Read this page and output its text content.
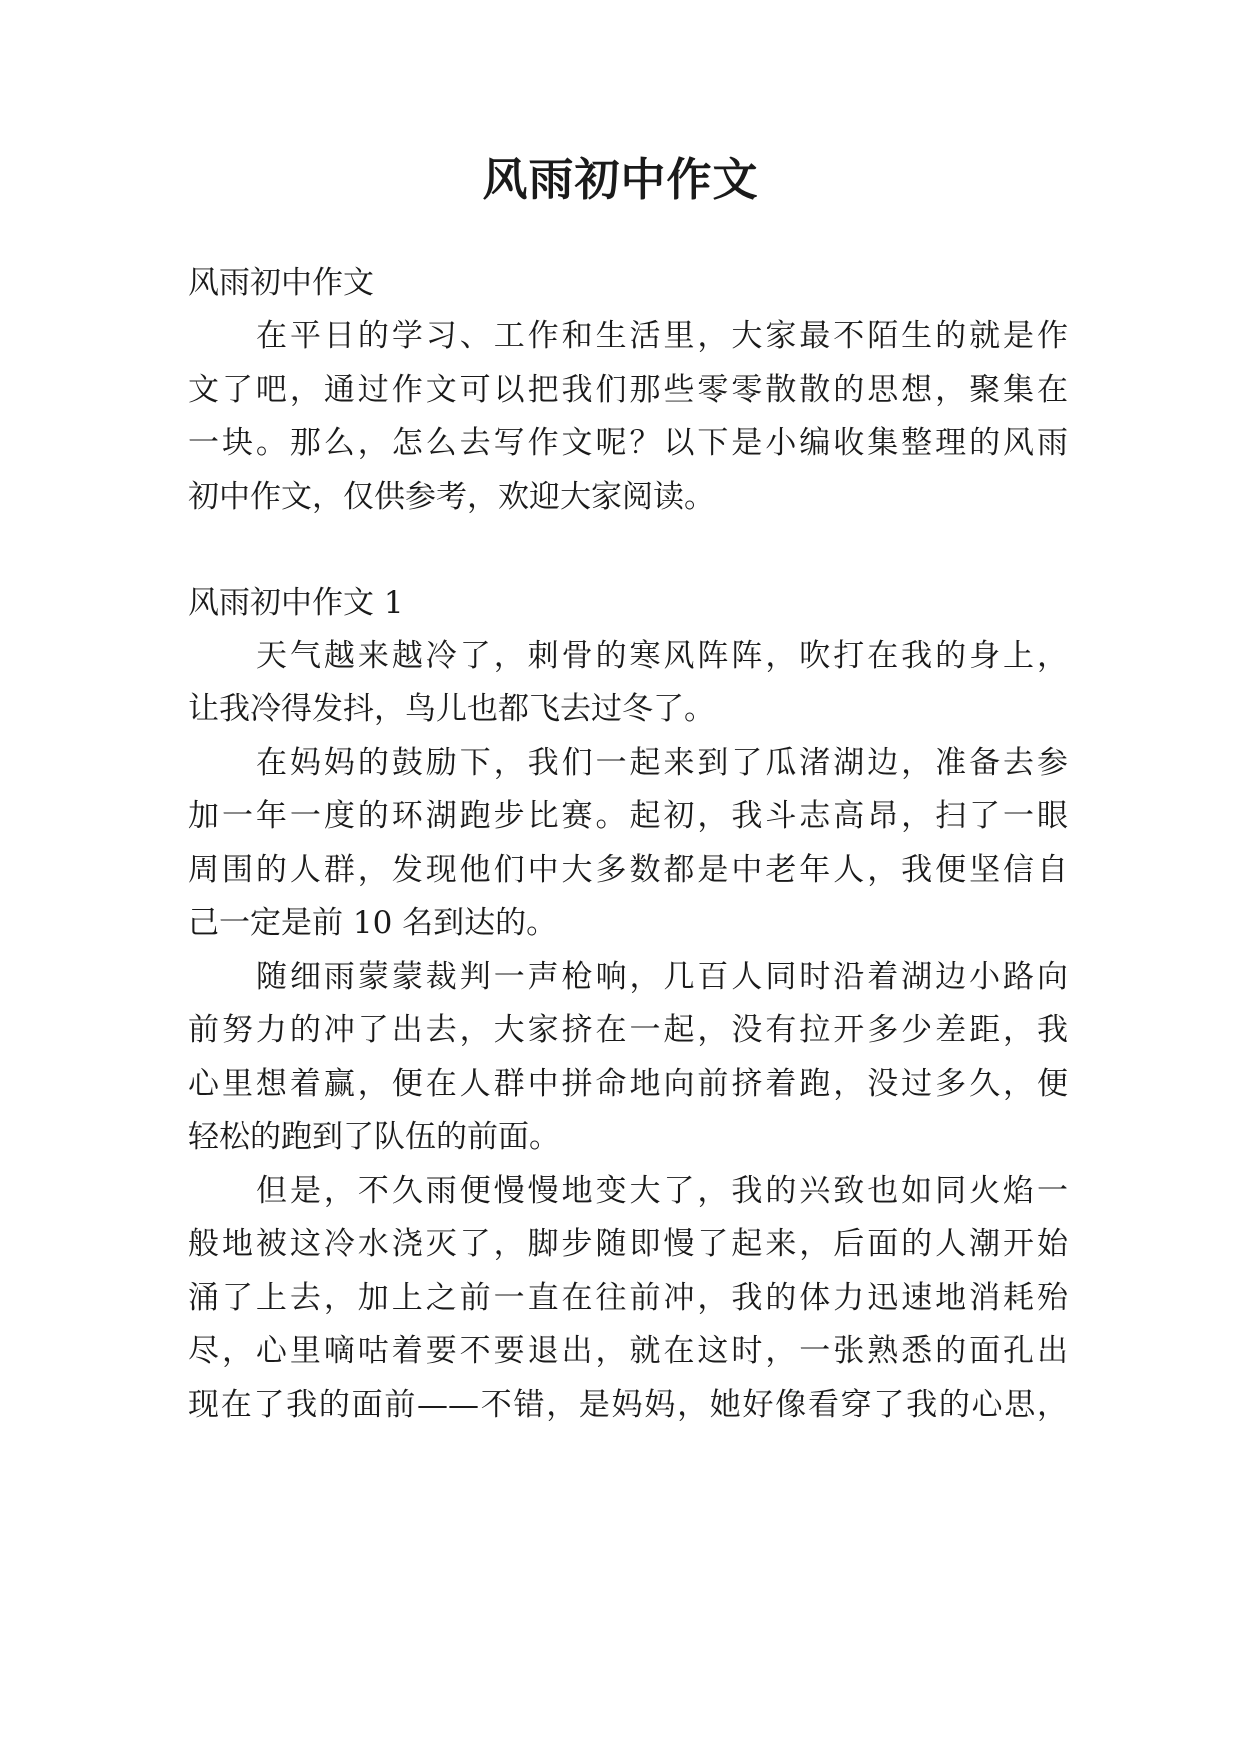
风雨初中作文
风雨初中作文
在平日的学习、工作和生活里，大家最不陌生的就是作
文了吧，通过作文可以把我们那些零零散散的思想，聚集在
一块。那么，怎么去写作文呢？以下是小编收集整理的风雨
初中作文，仅供参考，欢迎大家阅读。
风雨初中作文 1
天气越来越冷了，刺骨的寒风阵阵，吹打在我的身上，
让我冷得发抖，鸟儿也都飞去过冬了。
在妈妈的鼓励下，我们一起来到了瓜渚湖边，准备去参
加一年一度的环湖跑步比赛。起初，我斗志高昂，扫了一眼
周围的人群，发现他们中大多数都是中老年人，我便坚信自
己一定是前 10 名到达的。
随细雨蒙蒙裁判一声枪响，几百人同时沿着湖边小路向
前努力的冲了出去，大家挤在一起，没有拉开多少差距，我
心里想着赢，便在人群中拼命地向前挤着跑，没过多久，便
轻松的跑到了队伍的前面。
但是，不久雨便慢慢地变大了，我的兴致也如同火焰一
般地被这冷水浇灭了，脚步随即慢了起来，后面的人潮开始
涌了上去，加上之前一直在往前冲，我的体力迅速地消耗殆
尽，心里嘀咕着要不要退出，就在这时，一张熟悉的面孔出
现在了我的面前——不错，是妈妈，她好像看穿了我的心思，
